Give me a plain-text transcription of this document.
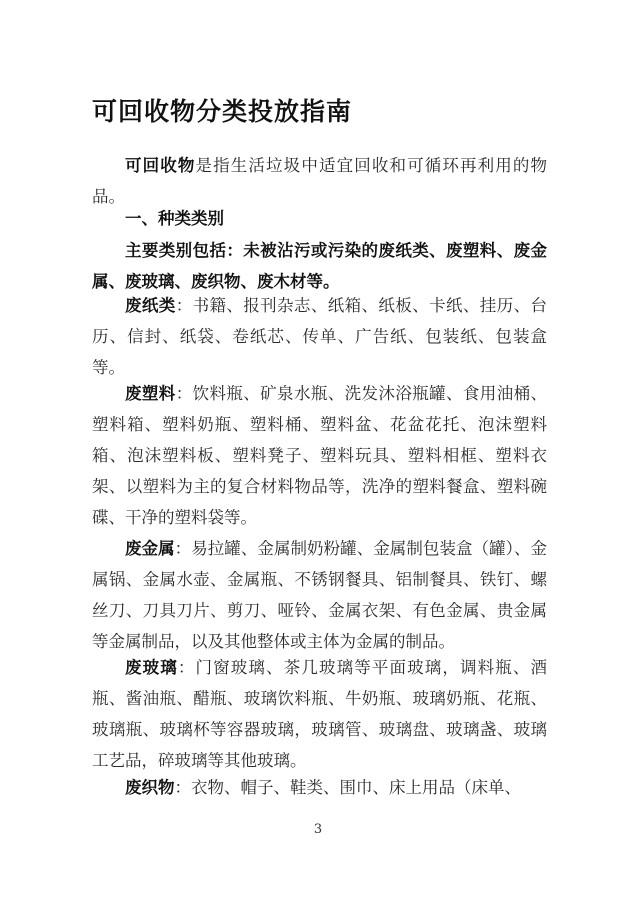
可回收物分类投放指南
可回收物是指生活垃圾中适宜回收和可循环再利用的物品。
一、种类类别
主要类别包括：未被沾污或污染的废纸类、废塑料、废金属、废玻璃、废织物、废木材等。
废纸类：书籍、报刊杂志、纸箱、纸板、卡纸、挂历、台历、信封、纸袋、卷纸芯、传单、广告纸、包装纸、包装盒等。
废塑料：饮料瓶、矿泉水瓶、洗发沐浴瓶罐、食用油桶、塑料箱、塑料奶瓶、塑料桶、塑料盆、花盆花托、泡沫塑料箱、泡沫塑料板、塑料凳子、塑料玩具、塑料相框、塑料衣架、以塑料为主的复合材料物品等，洗净的塑料餐盒、塑料碗碟、干净的塑料袋等。
废金属：易拉罐、金属制奶粉罐、金属制包装盒（罐）、金属锅、金属水壶、金属瓶、不锈钢餐具、铝制餐具、铁钉、螺丝刀、刀具刀片、剪刀、哑铃、金属衣架、有色金属、贵金属等金属制品，以及其他整体或主体为金属的制品。
废玻璃：门窗玻璃、茶几玻璃等平面玻璃，调料瓶、酒瓶、酱油瓶、醋瓶、玻璃饮料瓶、牛奶瓶、玻璃奶瓶、花瓶、玻璃瓶、玻璃杯等容器玻璃，玻璃管、玻璃盘、玻璃盏、玻璃工艺品，碎玻璃等其他玻璃。
废织物：衣物、帽子、鞋类、围巾、床上用品（床单、
3
